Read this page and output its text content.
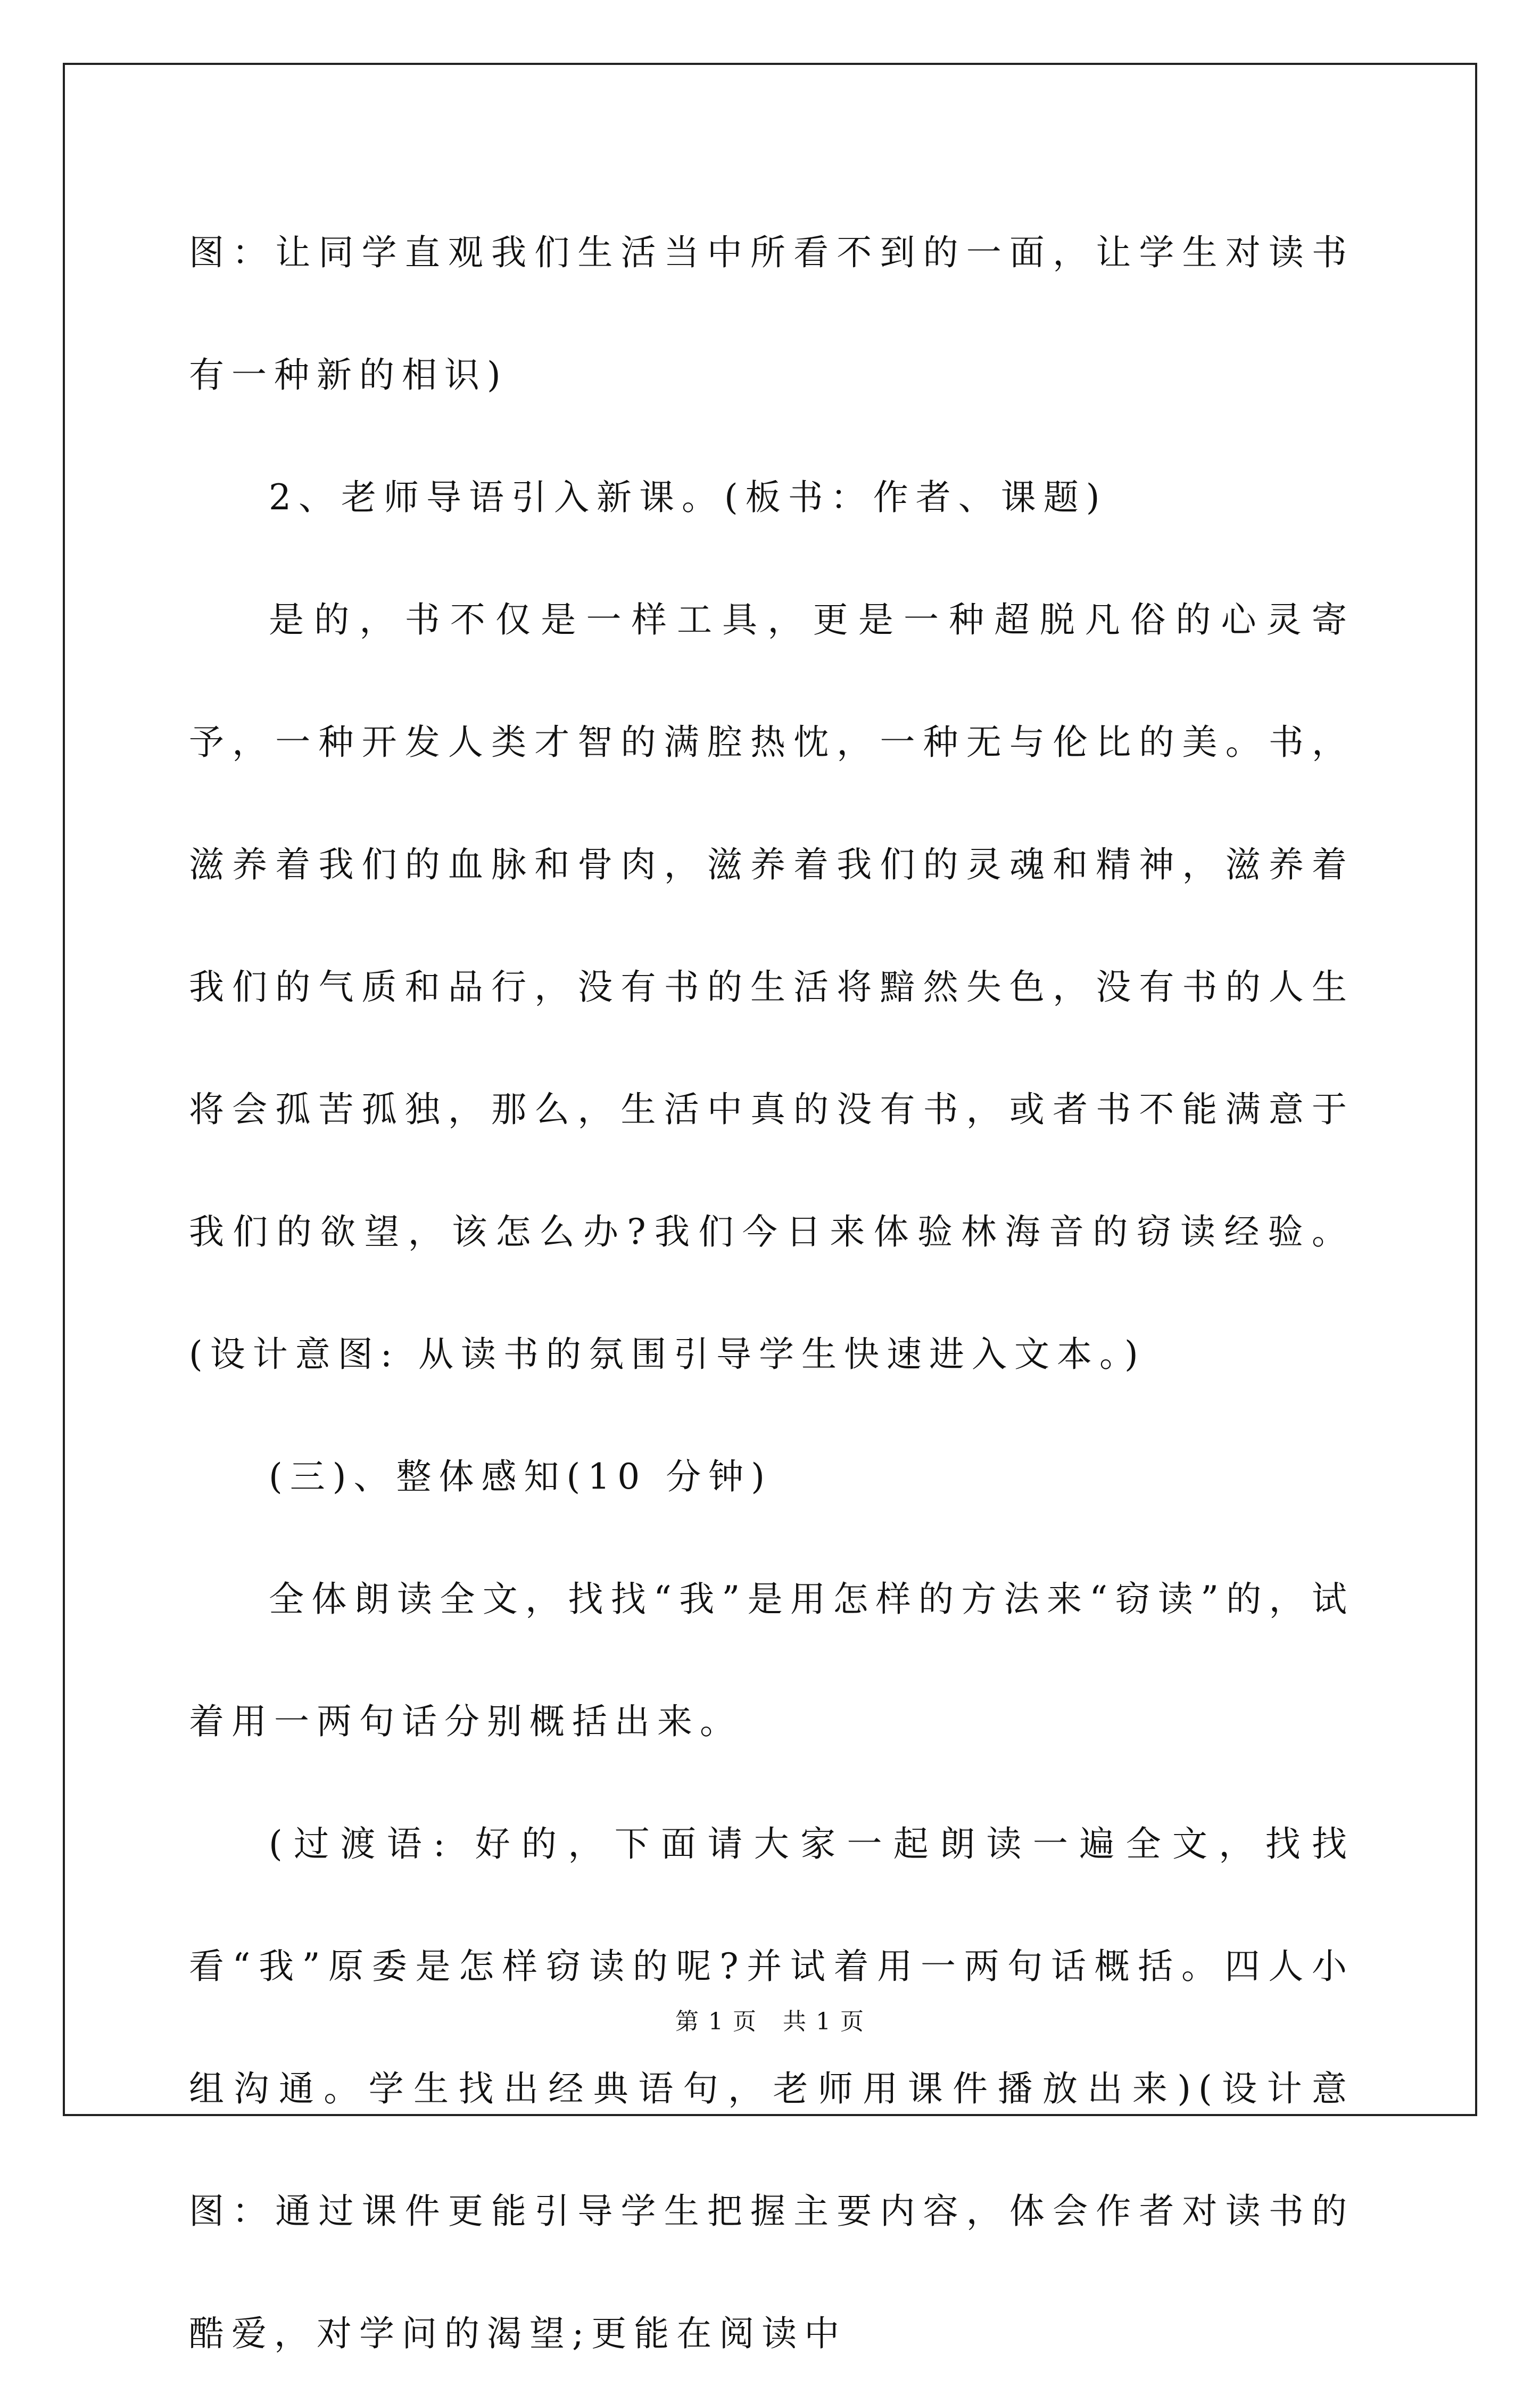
图：让同学直观我们生活当中所看不到的一面，让学生对读书有一种新的相识)

2、老师导语引入新课。(板书：作者、课题)

是的，书不仅是一样工具，更是一种超脱凡俗的心灵寄予，一种开发人类才智的满腔热忱，一种无与伦比的美。书，滋养着我们的血脉和骨肉，滋养着我们的灵魂和精神，滋养着我们的气质和品行，没有书的生活将黯然失色，没有书的人生将会孤苦孤独，那么，生活中真的没有书，或者书不能满意于我们的欲望，该怎么办?我们今日来体验林海音的窃读经验。(设计意图: 从读书的氛围引导学生快速进入文本。)

(三)、整体感知(10 分钟)

全体朗读全文，找找“我”是用怎样的方法来“窃读”的，试着用一两句话分别概括出来。

(过渡语: 好的，下面请大家一起朗读一遍全文，找找看“我”原委是怎样窃读的呢?并试着用一两句话概括。四人小组沟通。学生找出经典语句，老师用课件播放出来)(设计意图：通过课件更能引导学生把握主要内容，体会作者对读书的酷爱，对学问的渴望;更能在阅读中

第 1 页 共 1 页
